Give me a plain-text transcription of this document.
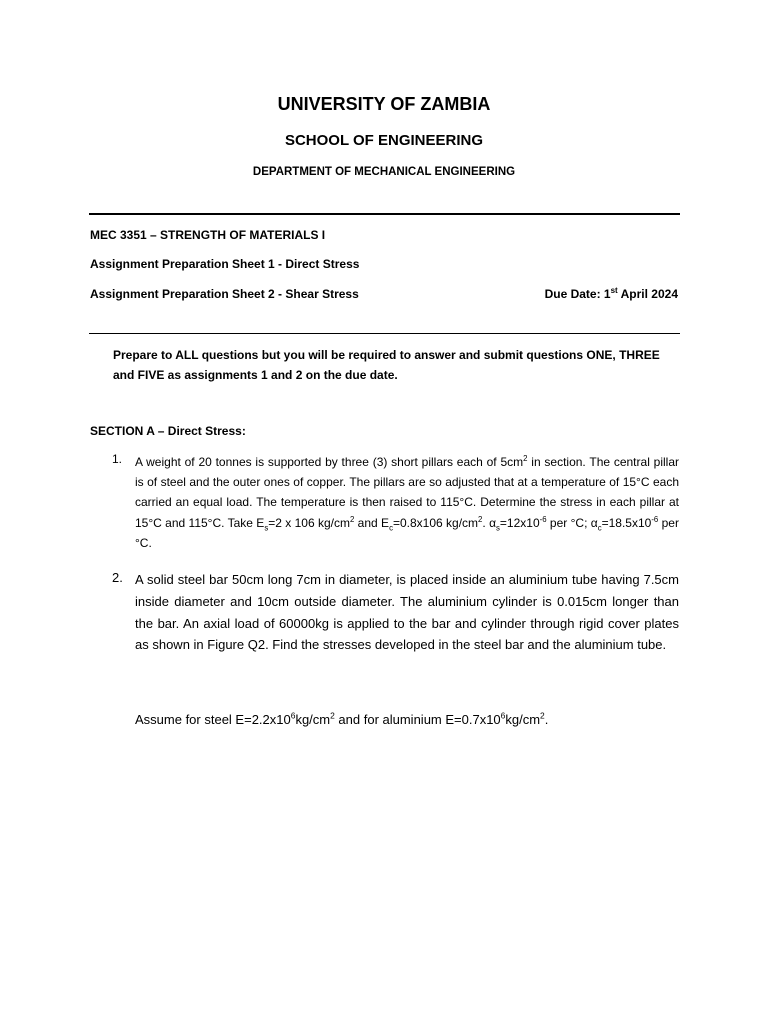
UNIVERSITY OF ZAMBIA
SCHOOL OF ENGINEERING
DEPARTMENT OF MECHANICAL ENGINEERING
MEC 3351 – STRENGTH OF MATERIALS I
Assignment Preparation Sheet 1 - Direct Stress
Assignment Preparation Sheet 2 - Shear Stress	Due Date: 1st April 2024
Prepare to ALL questions but you will be required to answer and submit questions ONE, THREE and FIVE as assignments 1 and 2 on the due date.
SECTION A – Direct Stress:
1. A weight of 20 tonnes is supported by three (3) short pillars each of $5cm^2$ in section. The central pillar is of steel and the outer ones of copper. The pillars are so adjusted that at a temperature of 15°C each carried an equal load. The temperature is then raised to 115°C. Determine the stress in each pillar at 15°C and 115°C. Take $E_s=2$ x 106 $kg/cm^2$ and $E_c=0.8x106$ $kg/cm^2$. $\alpha_s=12x10^{-6}$ per °C; $\alpha_c=18.5x10^{-6}$ per °C.
2. A solid steel bar 50cm long 7cm in diameter, is placed inside an aluminium tube having 7.5cm inside diameter and 10cm outside diameter. The aluminium cylinder is 0.015cm longer than the bar. An axial load of 60000kg is applied to the bar and cylinder through rigid cover plates as shown in Figure Q2. Find the stresses developed in the steel bar and the aluminium tube.
Assume for steel $E=2.2x10^6kg/cm^2$ and for aluminium $E=0.7x10^6kg/cm^2$.
